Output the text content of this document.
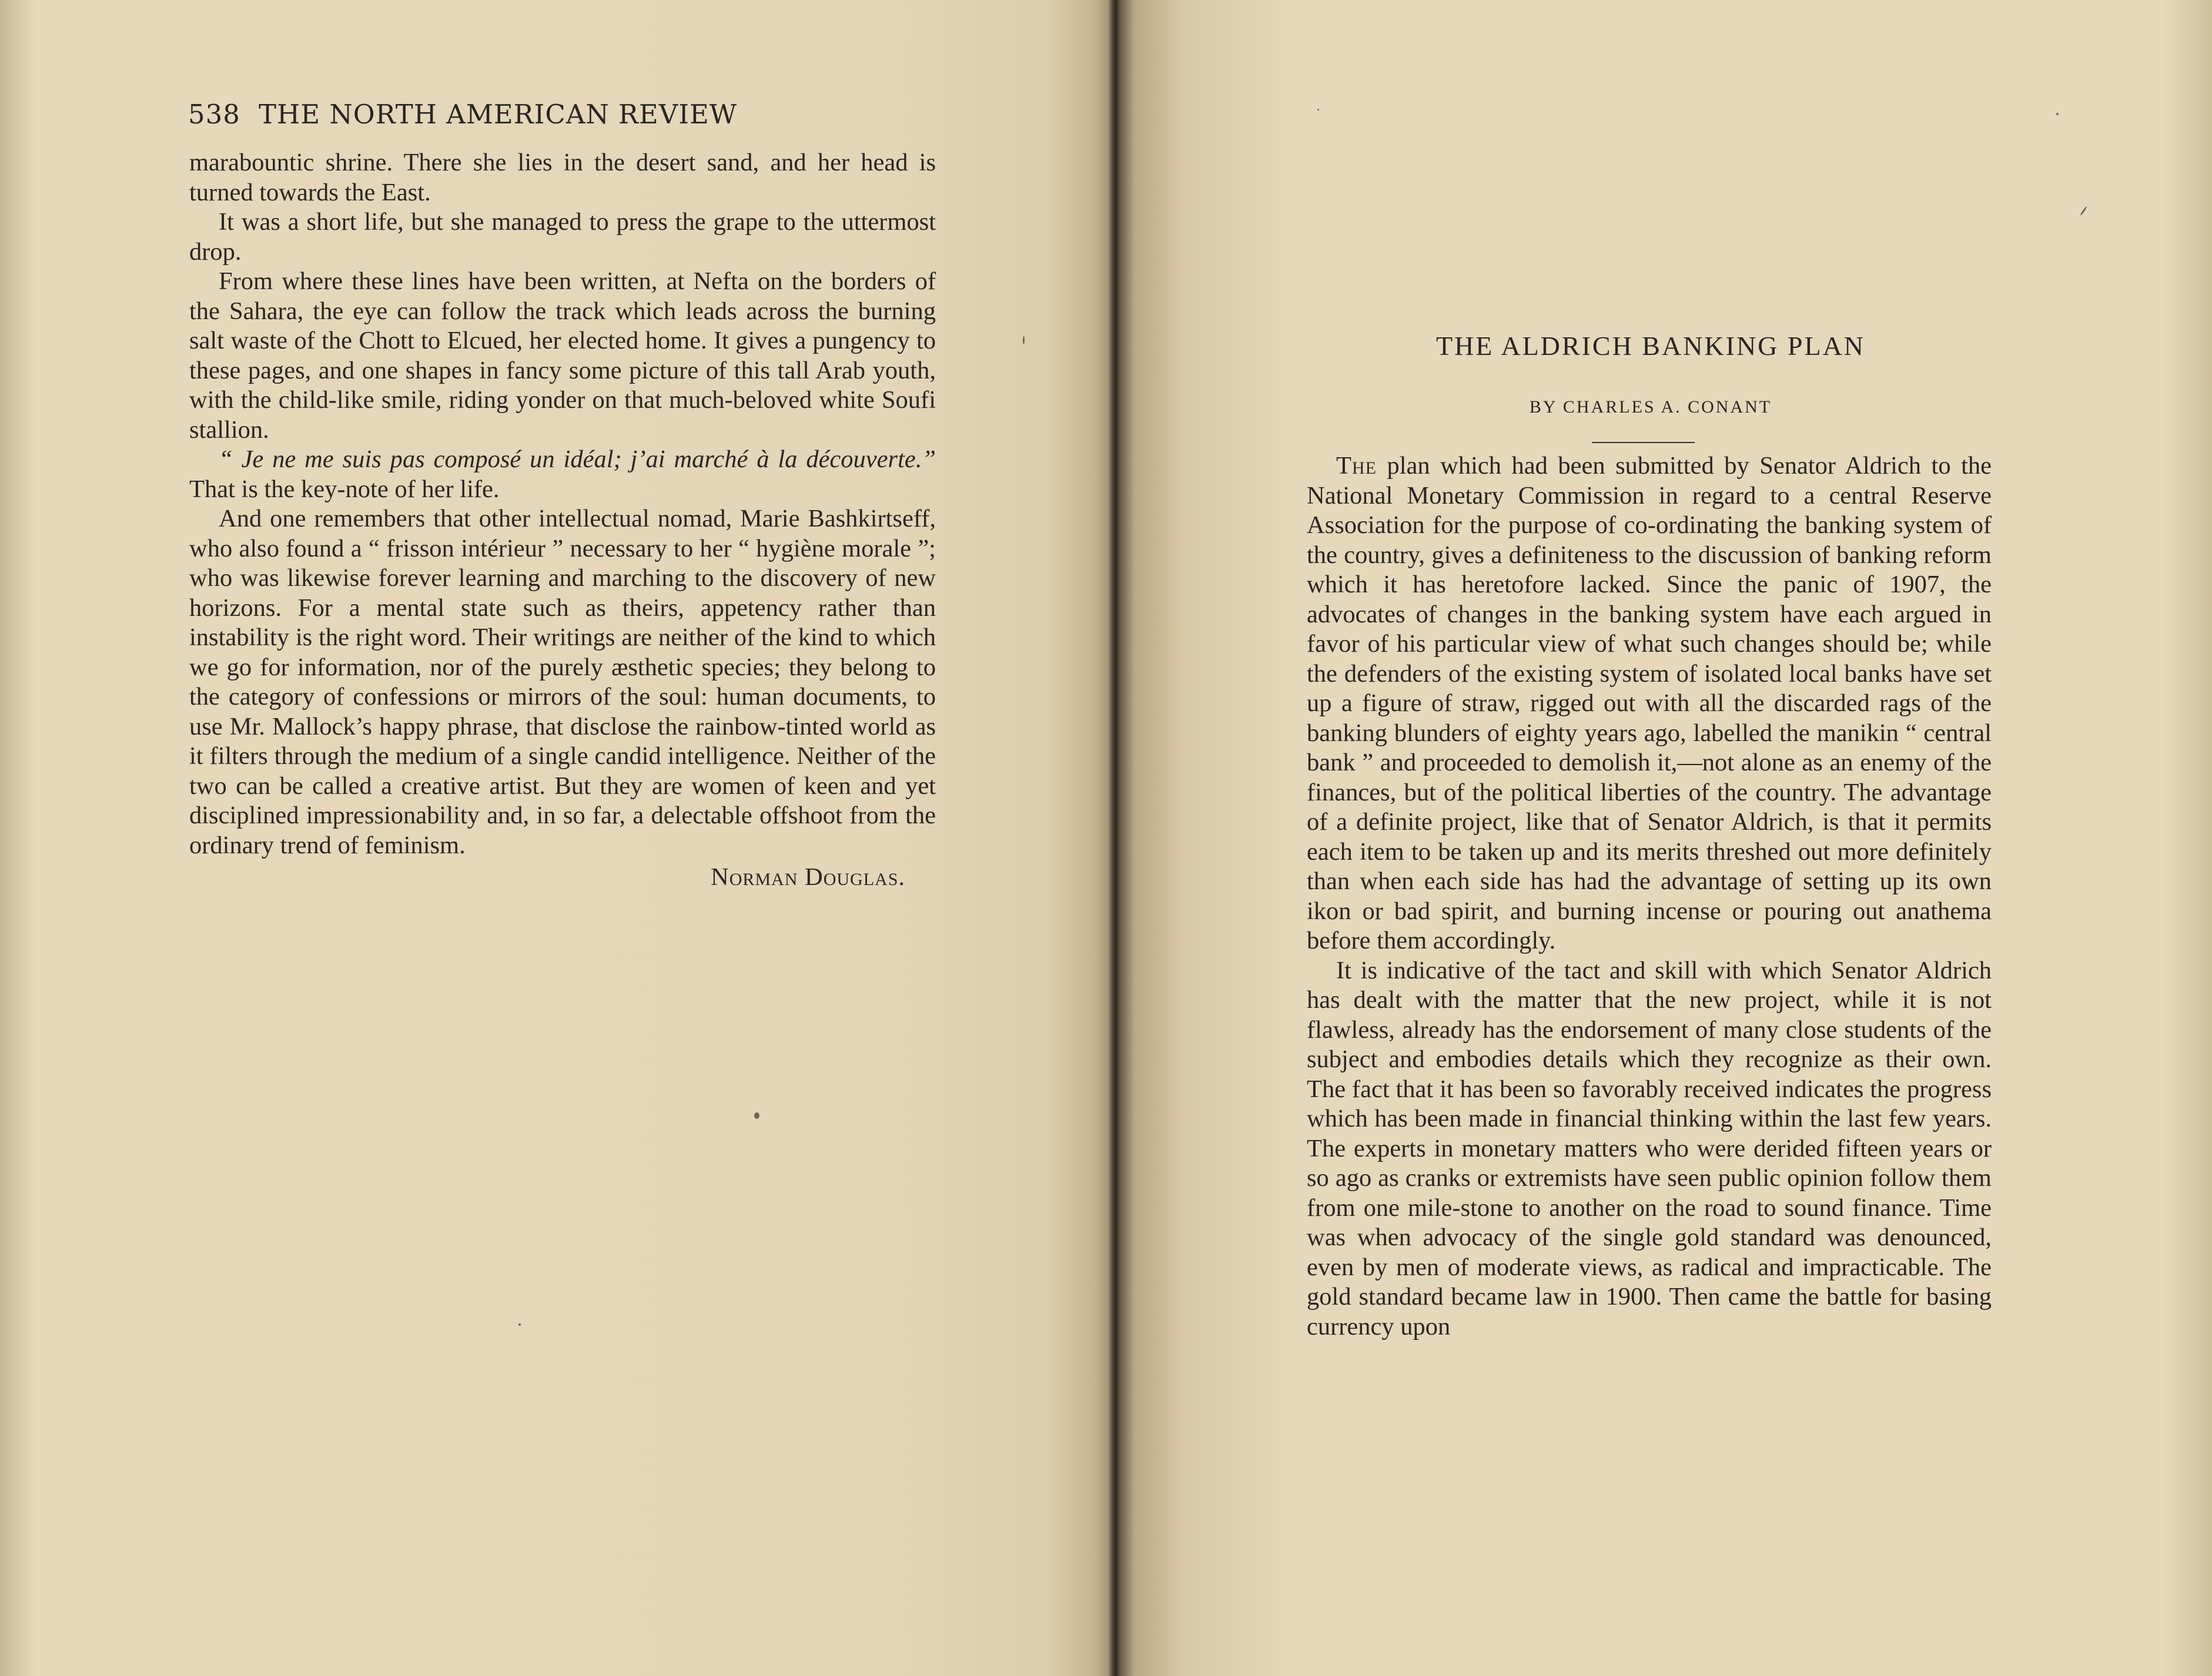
538 THE NORTH AMERICAN REVIEW

marabountic shrine. There she lies in the desert sand, and her head is turned towards the East.

It was a short life, but she managed to press the grape to the uttermost drop.

From where these lines have been written, at Nefta on the borders of the Sahara, the eye can follow the track which leads across the burning salt waste of the Chott to Elcued, her elected home. It gives a pungency to these pages, and one shapes in fancy some picture of this tall Arab youth, with the child-like smile, riding yonder on that much-beloved white Soufi stallion.

“ Je ne me suis pas composé un idéal; j’ai marché à la découverte.” That is the key-note of her life.

And one remembers that other intellectual nomad, Marie Bashkirtseff, who also found a “ frisson intérieur ” necessary to her “ hygiène morale ”; who was likewise forever learning and marching to the discovery of new horizons. For a mental state such as theirs, appetency rather than instability is the right word. Their writings are neither of the kind to which we go for information, nor of the purely æsthetic species; they belong to the category of confessions or mirrors of the soul: human documents, to use Mr. Mallock’s happy phrase, that disclose the rainbow-tinted world as it filters through the medium of a single candid intelligence. Neither of the two can be called a creative artist. But they are women of keen and yet disciplined impressionability and, in so far, a delectable offshoot from the ordinary trend of feminism.

Norman Douglas.
THE ALDRICH BANKING PLAN
BY CHARLES A. CONANT

The plan which had been submitted by Senator Aldrich to the National Monetary Commission in regard to a central Reserve Association for the purpose of co-ordinating the banking system of the country, gives a definiteness to the discussion of banking reform which it has heretofore lacked. Since the panic of 1907, the advocates of changes in the banking system have each argued in favor of his particular view of what such changes should be; while the defenders of the existing system of isolated local banks have set up a figure of straw, rigged out with all the discarded rags of the banking blunders of eighty years ago, labelled the manikin “ central bank ” and proceeded to demolish it,—not alone as an enemy of the finances, but of the political liberties of the country. The advantage of a definite project, like that of Senator Aldrich, is that it permits each item to be taken up and its merits threshed out more definitely than when each side has had the advantage of setting up its own ikon or bad spirit, and burning incense or pouring out anathema before them accordingly.

It is indicative of the tact and skill with which Senator Aldrich has dealt with the matter that the new project, while it is not flawless, already has the endorsement of many close students of the subject and embodies details which they recognize as their own. The fact that it has been so favorably received indicates the progress which has been made in financial thinking within the last few years. The experts in monetary matters who were derided fifteen years or so ago as cranks or extremists have seen public opinion follow them from one mile-stone to another on the road to sound finance. Time was when advocacy of the single gold standard was denounced, even by men of moderate views, as radical and impracticable. The gold standard became law in 1900. Then came the battle for basing currency upon
